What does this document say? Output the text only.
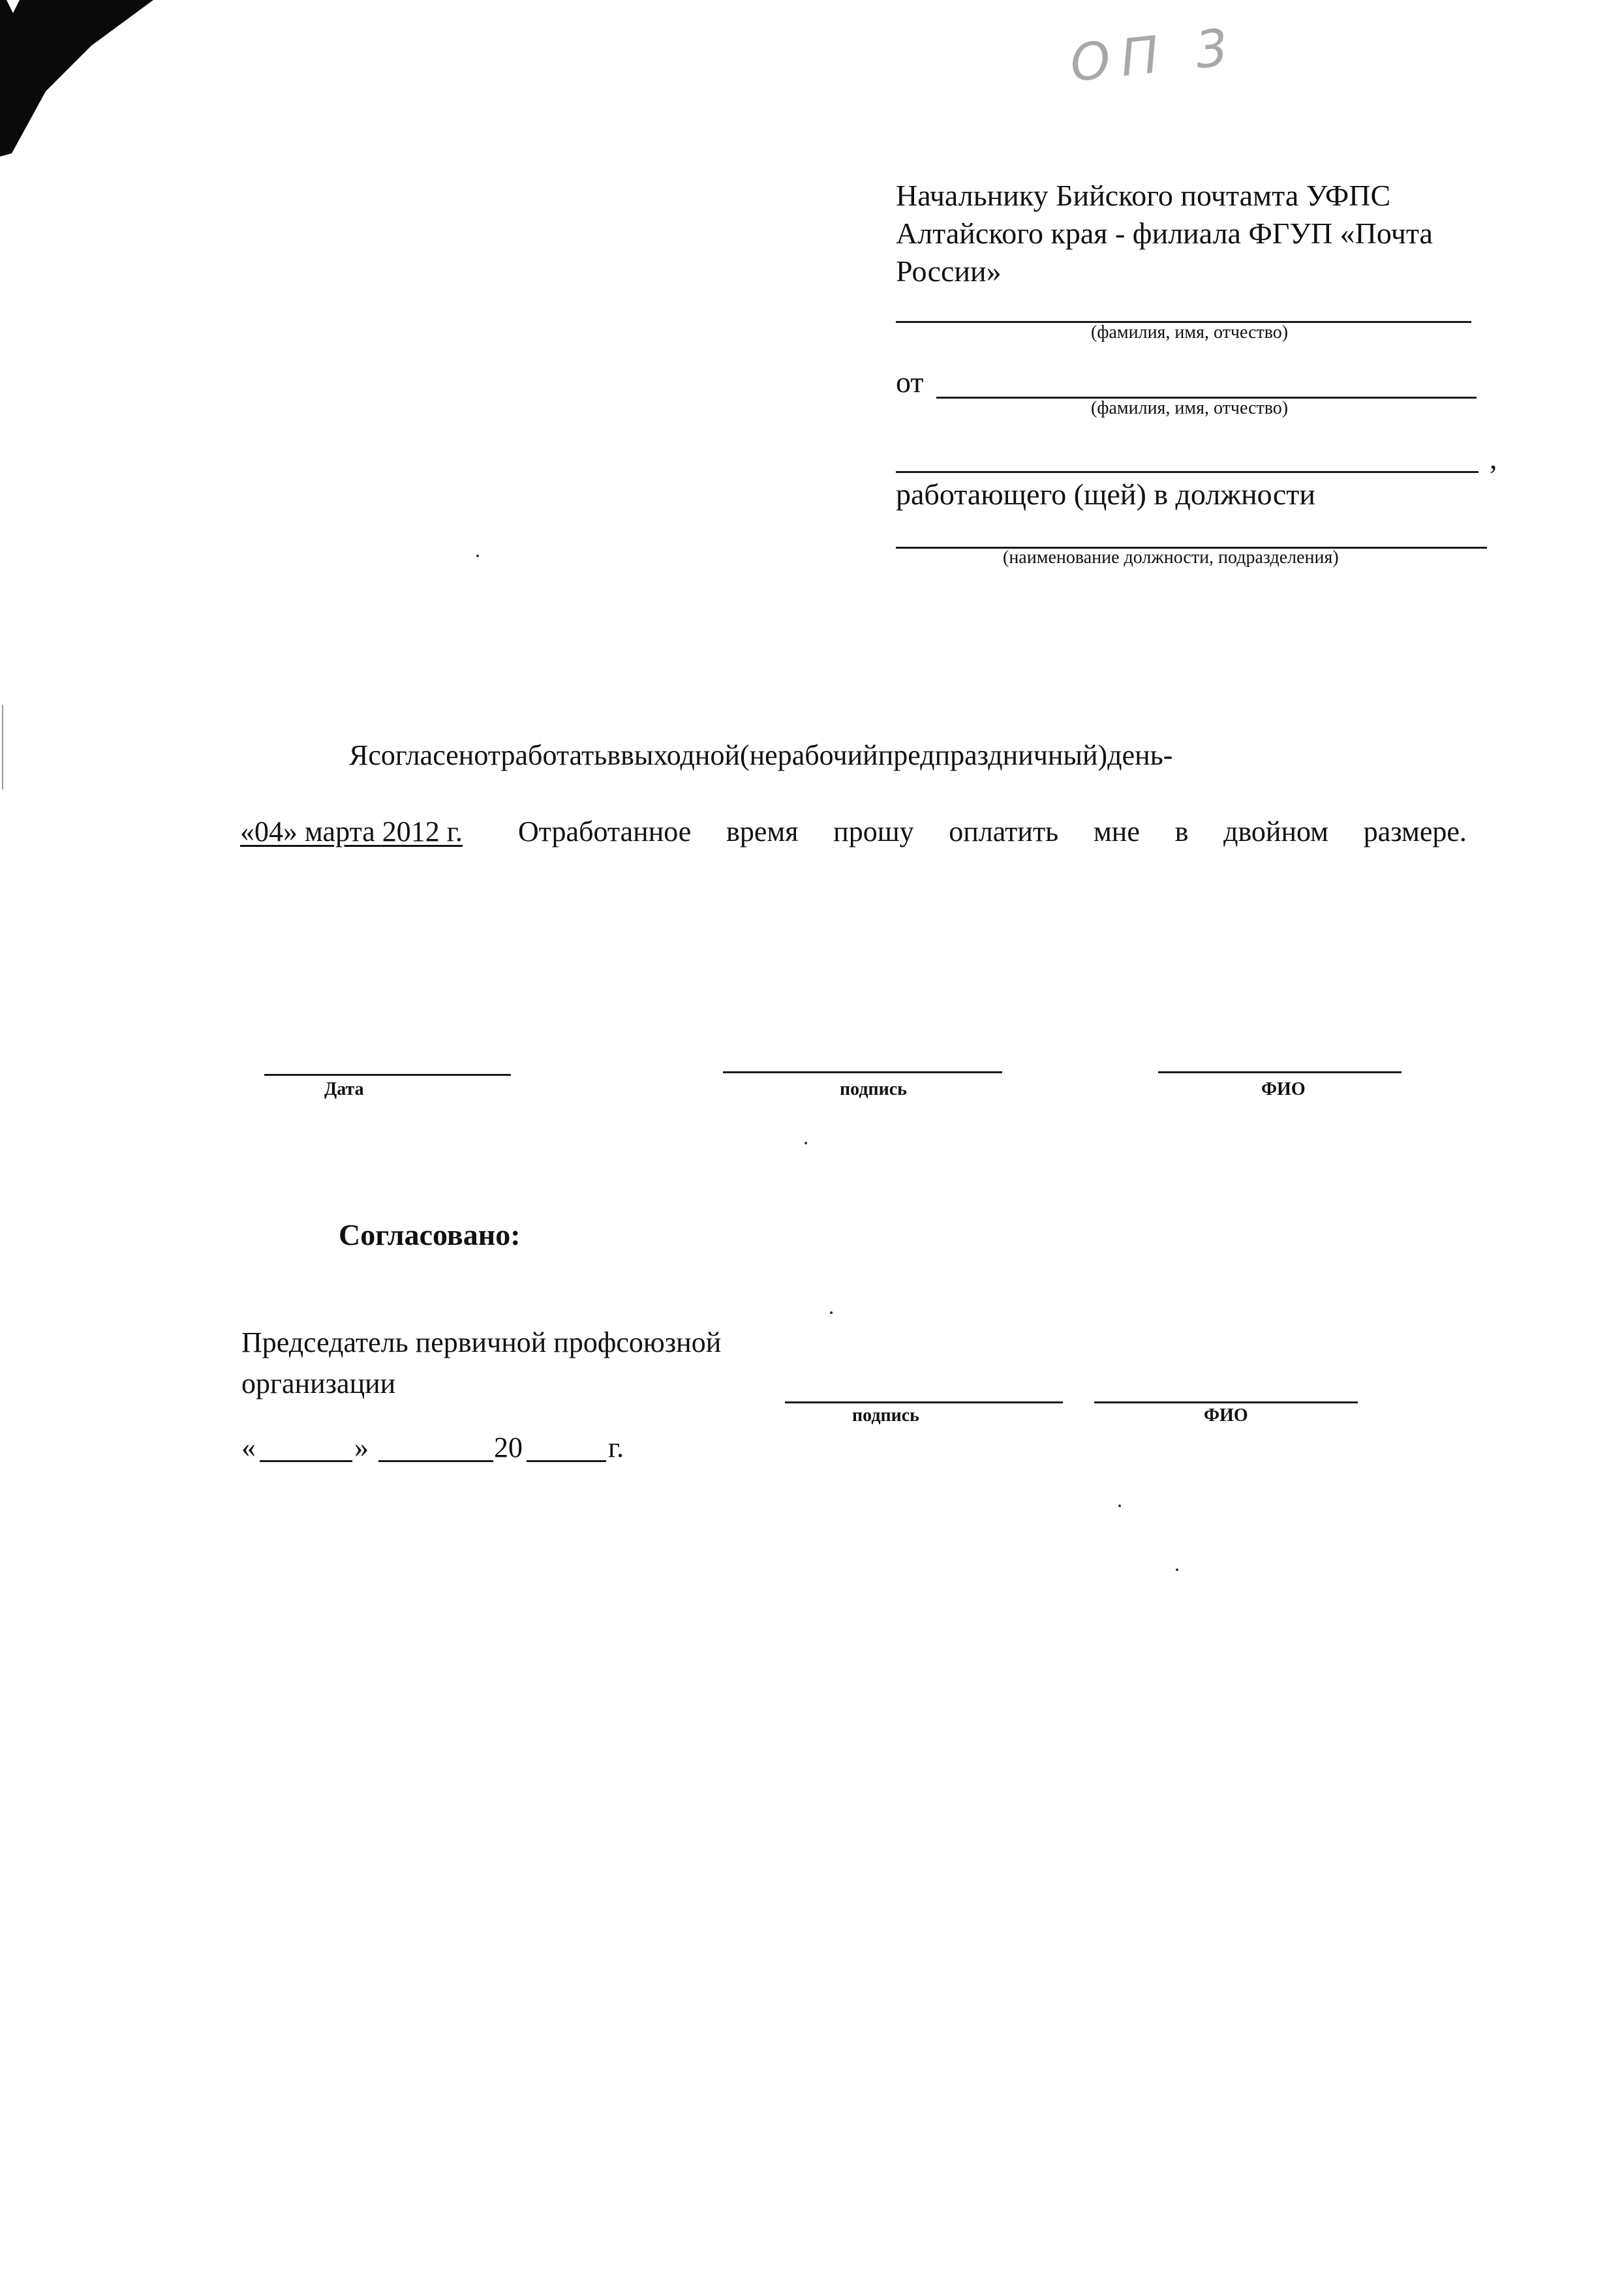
ОП 3
Начальнику Бийского почтамта УФПС
Алтайского края - филиала ФГУП «Почта
России»
(фамилия, имя, отчество)
от
(фамилия, имя, отчество)
,
работающего (щей) в должности
(наименование должности, подразделения)
Я согласен отработать в выходной (нерабочий предпраздничный) день -
«04» марта 2012 г. Отработанное время прошу оплатить мне в двойном размере.
Дата	подпись	ФИО
Согласовано:
Председатель первичной профсоюзной
организации
подпись	ФИО
«	»	20	г.
